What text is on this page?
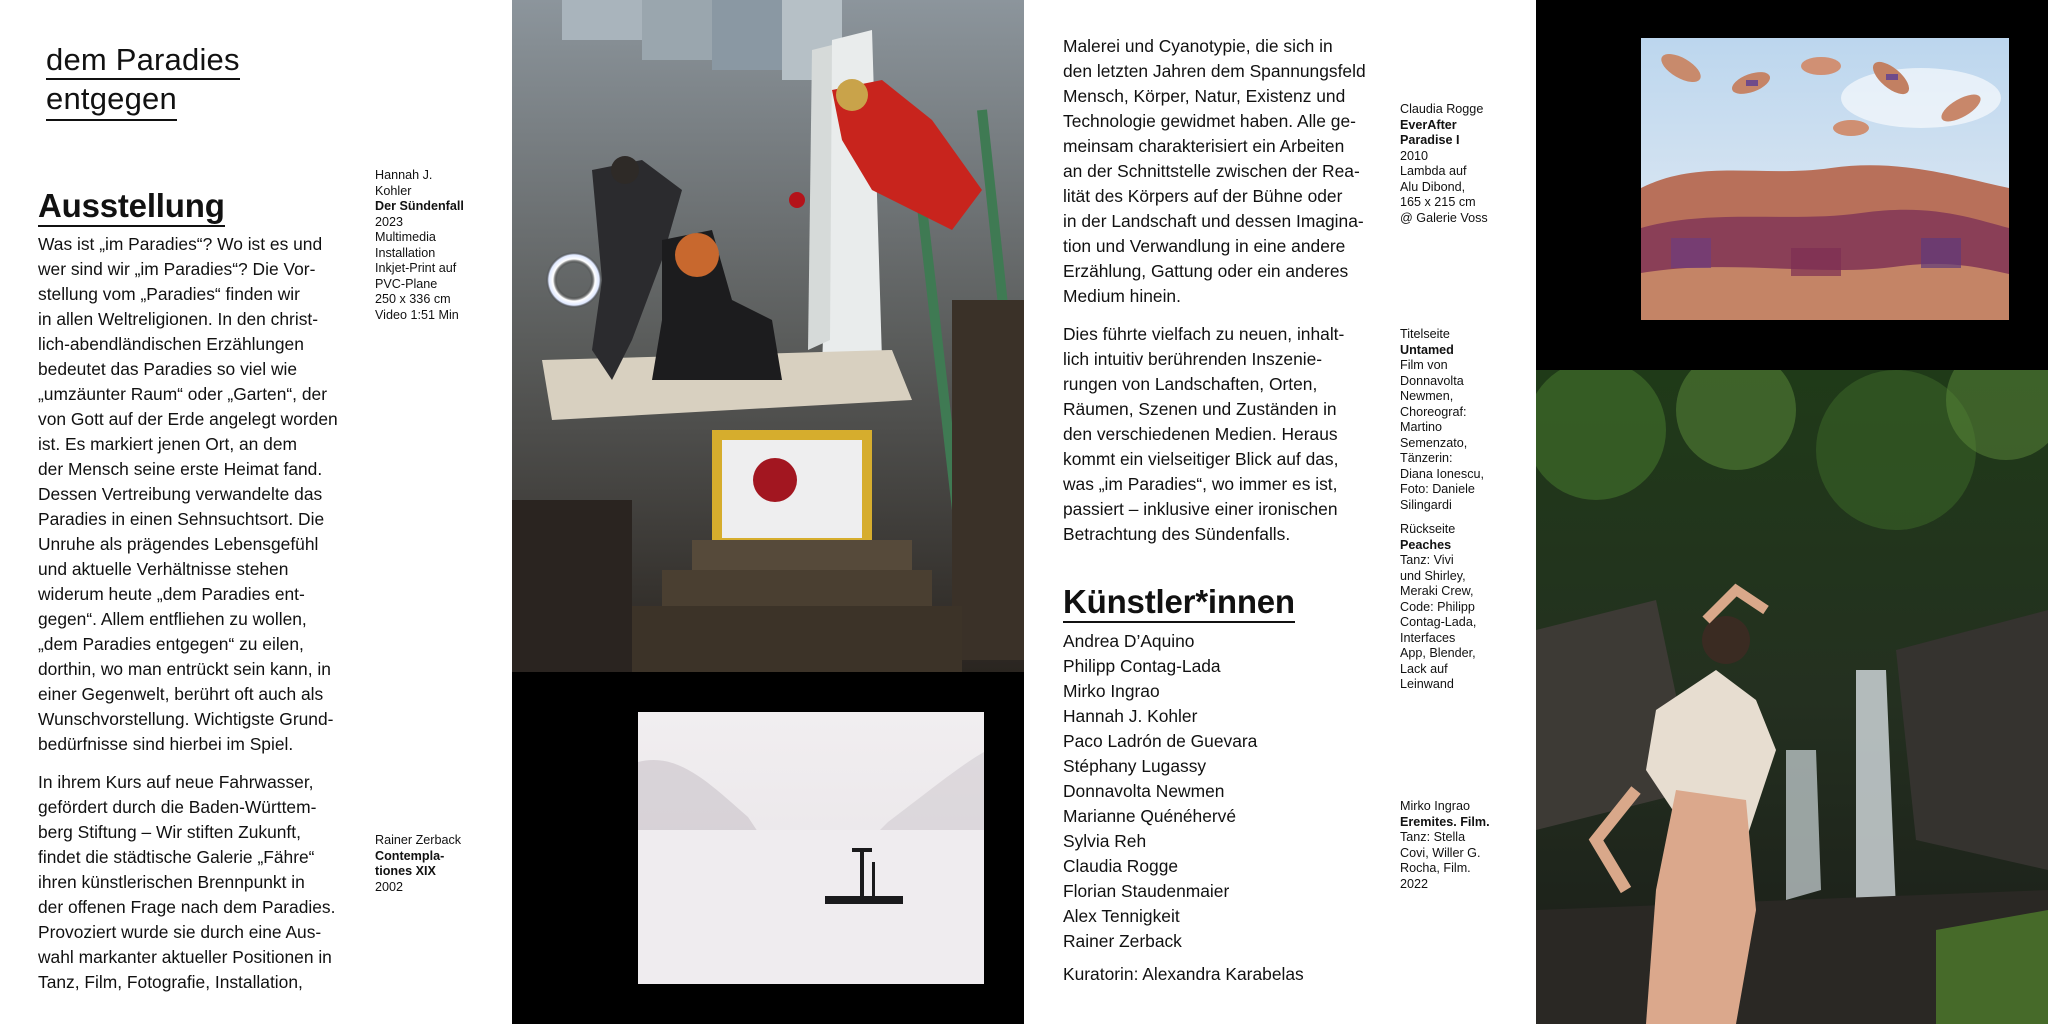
dem Paradies
entgegen
Ausstellung

Was ist „im Paradies“? Wo ist es und
wer sind wir „im Paradies“? Die Vor-
stellung vom „Paradies“ finden wir
in allen Weltreligionen. In den christ-
lich-abendländischen Erzählungen
bedeutet das Paradies so viel wie
„umzäunter Raum“ oder „Garten“, der
von Gott auf der Erde angelegt worden
ist. Es markiert jenen Ort, an dem
der Mensch seine erste Heimat fand.
Dessen Vertreibung verwandelte das
Paradies in einen Sehnsuchtsort. Die
Unruhe als prägendes Lebensgefühl
und aktuelle Verhältnisse stehen
widerum heute „dem Paradies ent-
gegen“. Allem entfliehen zu wollen,
„dem Paradies entgegen“ zu eilen,
dorthin, wo man entrückt sein kann, in
einer Gegenwelt, berührt oft auch als
Wunschvorstellung. Wichtigste Grund-
bedürfnisse sind hierbei im Spiel.

In ihrem Kurs auf neue Fahrwasser,
gefördert durch die Baden-Württem-
berg Stiftung – Wir stiften Zukunft,
findet die städtische Galerie „Fähre“
ihren künstlerischen Brennpunkt in
der offenen Frage nach dem Paradies.
Provoziert wurde sie durch eine Aus-
wahl markanter aktueller Positionen in
Tanz, Film, Fotografie, Installation,

Hannah J.
Kohler
Der Sündenfall
2023
Multimedia
Installation
Inkjet-Print auf
PVC-Plane
250 x 336 cm
Video 1:51 Min
Rainer Zerback
Contempla-
tiones XIX
2002

Malerei und Cyanotypie, die sich in
den letzten Jahren dem Spannungsfeld
Mensch, Körper, Natur, Existenz und
Technologie gewidmet haben. Alle ge-
meinsam charakterisiert ein Arbeiten
an der Schnittstelle zwischen der Rea-
lität des Körpers auf der Bühne oder
in der Landschaft und dessen Imagina-
tion und Verwandlung in eine andere
Erzählung, Gattung oder ein anderes
Medium hinein.

Dies führte vielfach zu neuen, inhalt-
lich intuitiv berührenden Inszenie-
rungen von Landschaften, Orten,
Räumen, Szenen und Zuständen in
den verschiedenen Medien. Heraus
kommt ein vielseitiger Blick auf das,
was „im Paradies“, wo immer es ist,
passiert – inklusive einer ironischen
Betrachtung des Sündenfalls.

Künstler*innen
Andrea D’Aquino
Philipp Contag-Lada
Mirko Ingrao
Hannah J. Kohler
Paco Ladrón de Guevara
Stéphany Lugassy
Donnavolta Newmen
Marianne Quénéhervé
Sylvia Reh
Claudia Rogge
Florian Staudenmaier
Alex Tennigkeit
Rainer Zerback
Kuratorin: Alexandra Karabelas
Claudia Rogge
EverAfter
Paradise I
2010
Lambda auf
Alu Dibond,
165 x 215 cm
@ Galerie Voss
Titelseite
Untamed
Film von
Donnavolta
Newmen,
Choreograf:
Martino
Semenzato,
Tänzerin:
Diana Ionescu,
Foto: Daniele
Silingardi
Rückseite
Peaches
Tanz: Vivi
und Shirley,
Meraki Crew,
Code: Philipp
Contag-Lada,
Interfaces
App, Blender,
Lack auf
Leinwand
Mirko Ingrao
Eremites. Film.
Tanz: Stella
Covi, Willer G.
Rocha, Film.
2022
